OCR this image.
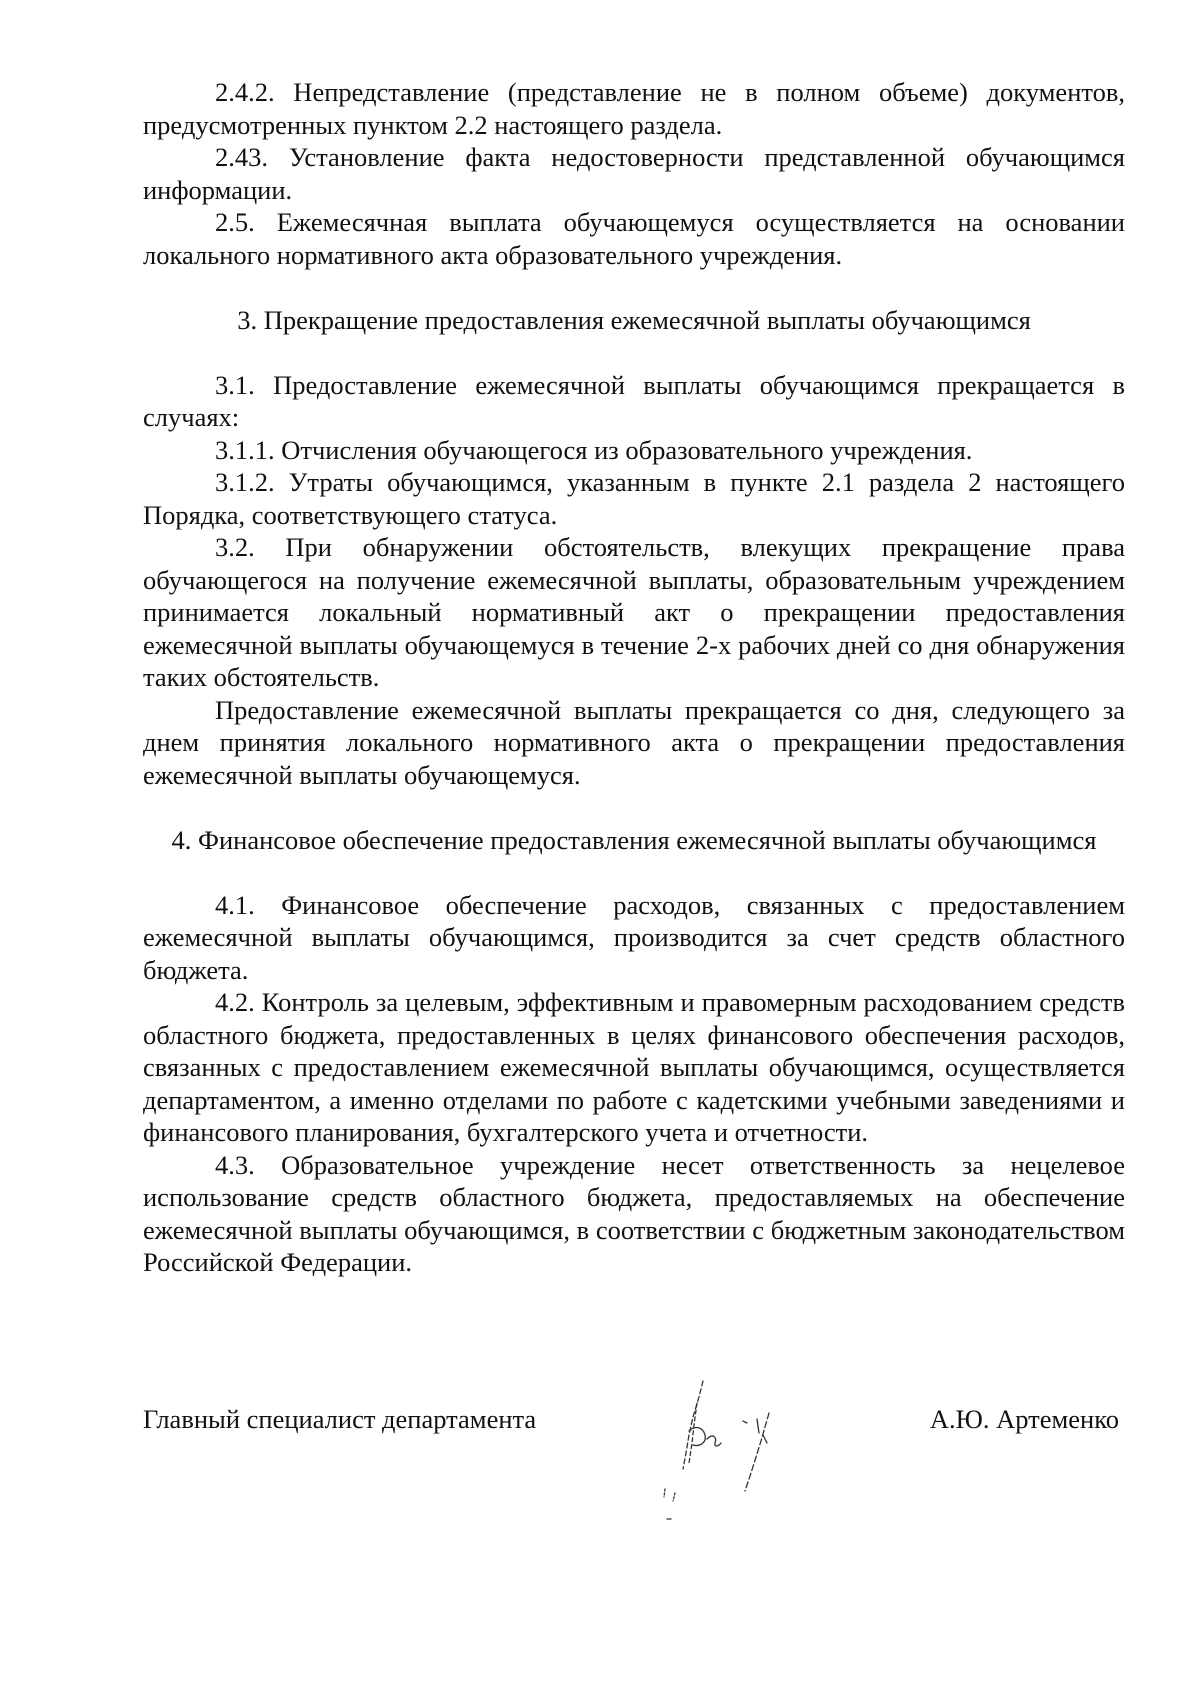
2.4.2. Непредставление (представление не в полном объеме) документов, предусмотренных пунктом 2.2 настоящего раздела.

2.43. Установление факта недостоверности представленной обучающимся информации.

2.5. Ежемесячная выплата обучающемуся осуществляется на основании локального нормативного акта образовательного учреждения.

3. Прекращение предоставления ежемесячной выплаты обучающимся

3.1. Предоставление ежемесячной выплаты обучающимся прекращается в случаях:

3.1.1. Отчисления обучающегося из образовательного учреждения.

3.1.2. Утраты обучающимся, указанным в пункте 2.1 раздела 2 настоящего Порядка, соответствующего статуса.

3.2. При обнаружении обстоятельств, влекущих прекращение права обучающегося на получение ежемесячной выплаты, образовательным учреждением принимается локальный нормативный акт о прекращении предоставления ежемесячной выплаты обучающемуся в течение 2-х рабочих дней со дня обнаружения таких обстоятельств.

Предоставление ежемесячной выплаты прекращается со дня, следующего за днем принятия локального нормативного акта о прекращении предоставления ежемесячной выплаты обучающемуся.

4. Финансовое обеспечение предоставления ежемесячной выплаты обучающимся

4.1. Финансовое обеспечение расходов, связанных с предоставлением ежемесячной выплаты обучающимся, производится за счет средств областного бюджета.

4.2. Контроль за целевым, эффективным и правомерным расходованием средств областного бюджета, предоставленных в целях финансового обеспечения расходов, связанных с предоставлением ежемесячной выплаты обучающимся, осуществляется департаментом, а именно отделами по работе с кадетскими учебными заведениями и финансового планирования, бухгалтерского учета и отчетности.

4.3. Образовательное учреждение несет ответственность за нецелевое использование средств областного бюджета, предоставляемых на обеспечение ежемесячной выплаты обучающимся, в соответствии с бюджетным законодательством Российской Федерации.

Главный специалист департамента	А.Ю. Артеменко
